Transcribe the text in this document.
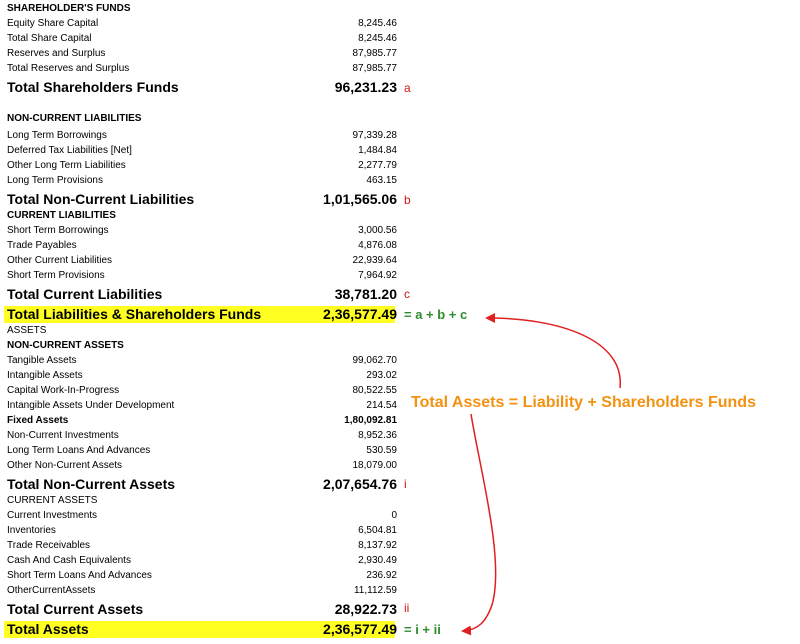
SHAREHOLDER'S FUNDS
Equity Share Capital	8,245.46
Total Share Capital	8,245.46
Reserves and Surplus	87,985.77
Total Reserves and Surplus	87,985.77
Total Shareholders Funds	96,231.23 a
NON-CURRENT LIABILITIES
Long Term Borrowings	97,339.28
Deferred Tax Liabilities [Net]	1,484.84
Other Long Term Liabilities	2,277.79
Long Term Provisions	463.15
Total Non-Current Liabilities	1,01,565.06 b
CURRENT LIABILITIES
Short Term Borrowings	3,000.56
Trade Payables	4,876.08
Other Current Liabilities	22,939.64
Short Term Provisions	7,964.92
Total Current Liabilities	38,781.20 c
Total Liabilities & Shareholders Funds	2,36,577.49 = a + b + c
ASSETS
NON-CURRENT ASSETS
Tangible Assets	99,062.70
Intangible Assets	293.02
Capital Work-In-Progress	80,522.55
Intangible Assets Under Development	214.54
Fixed Assets	1,80,092.81
Non-Current Investments	8,952.36
Long Term Loans And Advances	530.59
Other Non-Current Assets	18,079.00
Total Non-Current Assets	2,07,654.76 i
CURRENT ASSETS
Current Investments	0
Inventories	6,504.81
Trade Receivables	8,137.92
Cash And Cash Equivalents	2,930.49
Short Term Loans And Advances	236.92
OtherCurrentAssets	11,112.59
Total Current Assets	28,922.73 ii
Total Assets	2,36,577.49 = i + ii
Total Assets = Liability + Shareholders Funds
